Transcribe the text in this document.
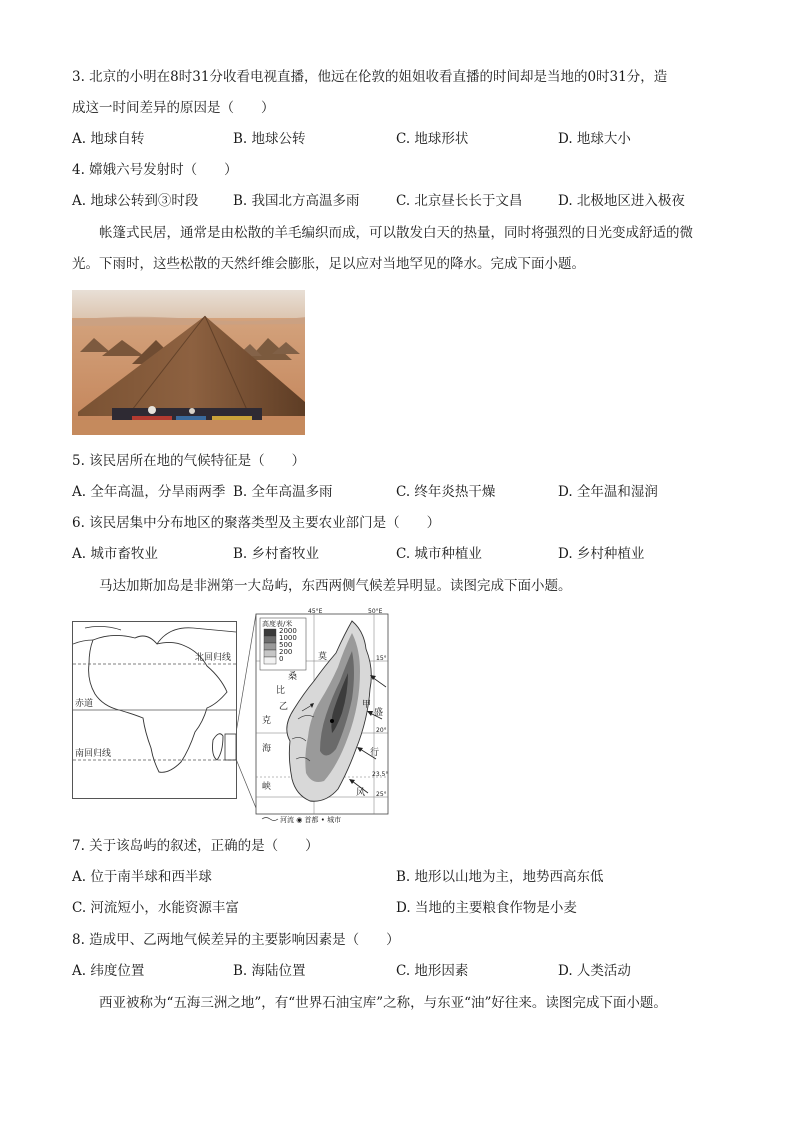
3. 北京的小明在8时31分收看电视直播，他远在伦敦的姐姐收看直播的时间却是当地的0时31分，造
成这一时间差异的原因是（　　）
A. 地球自转	B. 地球公转	C. 地球形状	D. 地球大小
4. 嫦娥六号发射时（　　）
A. 地球公转到③时段	B. 我国北方高温多雨	C. 北京昼长长于文昌	D. 北极地区进入极夜
帐篷式民居，通常是由松散的羊毛编织而成，可以散发白天的热量，同时将强烈的日光变成舒适的微
光。下雨时，这些松散的天然纤维会膨胀，足以应对当地罕见的降水。完成下面小题。
5. 该民居所在地的气候特征是（　　）
A. 全年高温，分旱雨两季 B. 全年高温多雨	C. 终年炎热干燥	D. 全年温和湿润
6. 该民居集中分布地区的聚落类型及主要农业部门是（　　）
A. 城市畜牧业	B. 乡村畜牧业	C. 城市种植业	D. 乡村种植业
马达加斯加岛是非洲第一大岛屿，东西两侧气候差异明显。读图完成下面小题。
北回归线
赤道
南回归线
45°E	50°E
高度表/米
2000
1000
500
200
0	15°
20°
23.5°
25°
莫
桑
比
克
海
峡
甲
乙
盛
行
风
河流 ◉ 首都 • 城市
7. 关于该岛屿的叙述，正确的是（　　）
A. 位于南半球和西半球	B. 地形以山地为主，地势西高东低
C. 河流短小，水能资源丰富	D. 当地的主要粮食作物是小麦
8. 造成甲、乙两地气候差异的主要影响因素是（　　）
A. 纬度位置	B. 海陆位置	C. 地形因素	D. 人类活动
西亚被称为“五海三洲之地”，有“世界石油宝库”之称，与东亚“油”好往来。读图完成下面小题。
